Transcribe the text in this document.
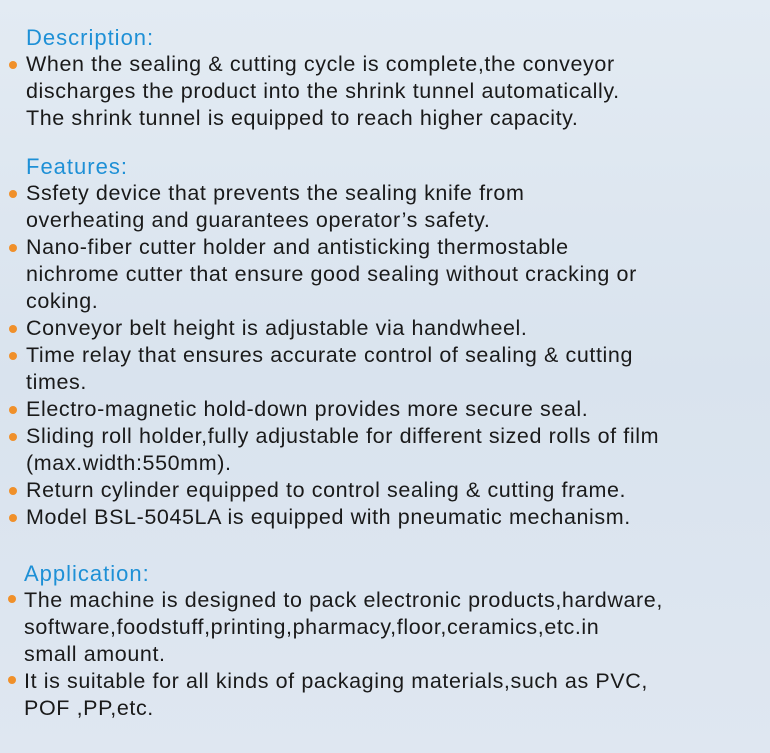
Description:
When the sealing & cutting cycle is complete,the conveyor
discharges the product into the shrink tunnel automatically.
The shrink tunnel is equipped to reach higher capacity.
Features:
Ssfety device that prevents the sealing knife from
overheating and guarantees operator’s safety.
Nano-fiber cutter holder and antisticking thermostable
nichrome cutter that ensure good sealing without cracking or
coking.
Conveyor belt height is adjustable via handwheel.
Time relay that ensures accurate control of sealing & cutting
times.
Electro-magnetic hold-down provides more secure seal.
Sliding roll holder,fully adjustable for different sized rolls of film
(max.width:550mm).
Return cylinder equipped to control sealing & cutting frame.
Model BSL-5045LA is equipped with pneumatic mechanism.
Application:
The machine is designed to pack electronic products,hardware,
software,foodstuff,printing,pharmacy,floor,ceramics,etc.in
small amount.
It is suitable for all kinds of packaging materials,such as PVC,
POF ,PP,etc.
